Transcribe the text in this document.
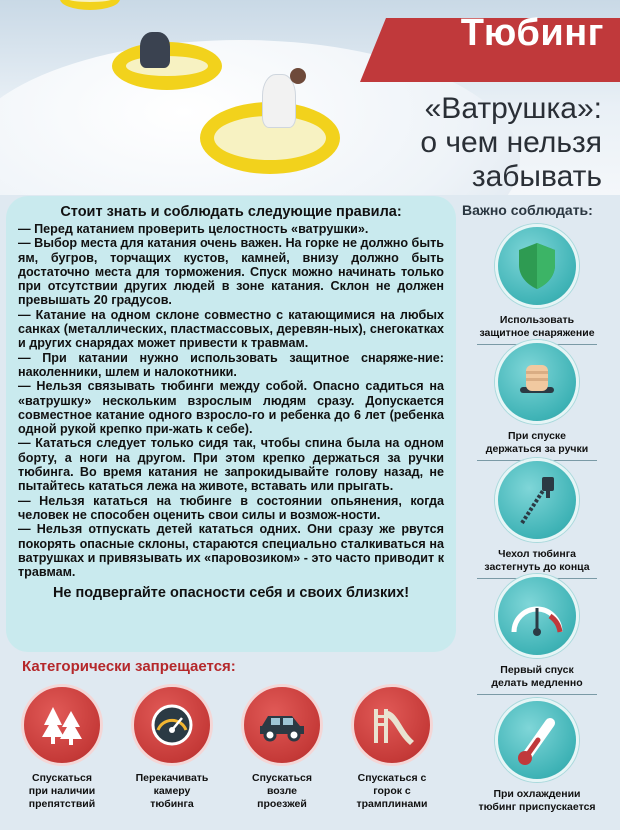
Тюбинг
«Ватрушка»:
о чем нельзя
забывать
Стоит знать и соблюдать следующие правила:

— Перед катанием проверить целостность «ватрушки».

— Выбор места для катания очень важен. На горке не должно быть ям, бугров, торчащих кустов, камней, внизу должно быть достаточно места для торможения. Спуск можно начинать только при отсутствии других людей в зоне катания. Склон не должен превышать 20 градусов.

— Катание на одном склоне совместно с катающимися на любых санках (металлических, пластмассовых, деревян-ных), снегокатках и других снарядах может привести к травмам.

— При катании нужно использовать защитное снаряже-ние: наколенники, шлем и налокотники.

— Нельзя связывать тюбинги между собой. Опасно садиться на «ватрушку» нескольким взрослым людям сразу. Допускается совместное катание одного взросло-го и ребенка до 6 лет (ребенка одной рукой крепко при-жать к себе).

— Кататься следует только сидя так, чтобы спина была на одном борту, а ноги на другом. При этом крепко держаться за ручки тюбинга. Во время катания не запрокидывайте голову назад, не пытайтесь кататься лежа на животе, вставать или прыгать.

— Нельзя кататься на тюбинге в состоянии опьянения, когда человек не способен оценить свои силы и возмож-ности.

— Нельзя отпускать детей кататься одних. Они сразу же рвутся покорять опасные склоны, стараются специально сталкиваться на ватрушках и привязывать их «паровозиком» - это часто приводит к травмам.

Не подвергайте опасности себя и своих близких!
Важно соблюдать:
Использовать
защитное снаряжение
При спуске
держаться за ручки
Чехол тюбинга
застегнуть до конца
Первый спуск
делать медленно
При охлаждении
тюбинг приспускается
Категорически запрещается:
Спускаться
при наличии
препятствий
Перекачивать
камеру
тюбинга
Спускаться
возле
проезжей
Спускаться с
горок с
трамплинами
